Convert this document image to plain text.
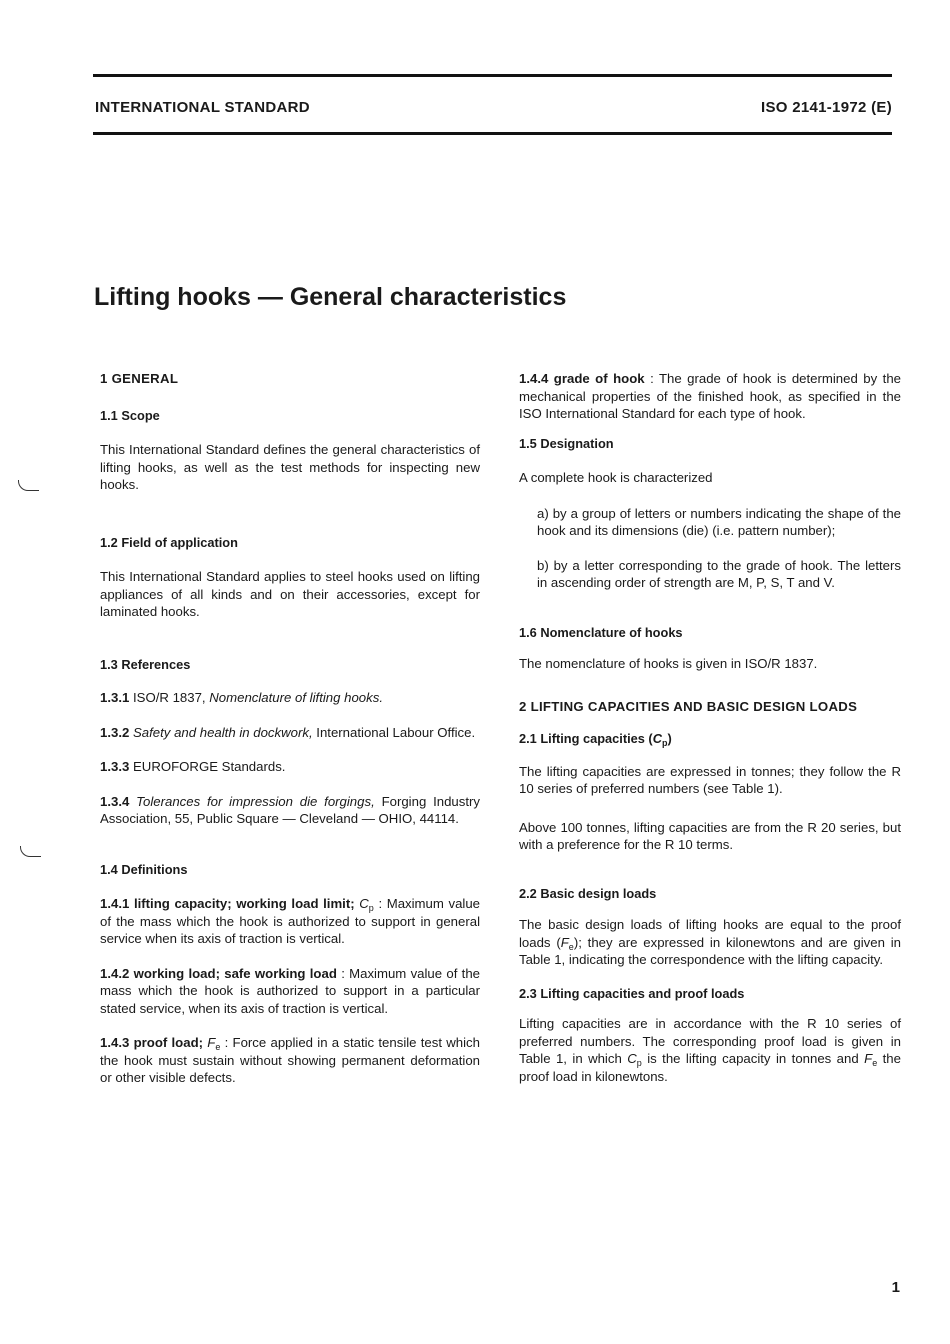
INTERNATIONAL STANDARD	ISO 2141-1972 (E)
Lifting hooks — General characteristics

1 GENERAL

1.1 Scope

This International Standard defines the general characteristics of lifting hooks, as well as the test methods for inspecting new hooks.

1.2 Field of application

This International Standard applies to steel hooks used on lifting appliances of all kinds and on their accessories, except for laminated hooks.

1.3 References

1.3.1 ISO/R 1837, Nomenclature of lifting hooks.

1.3.2 Safety and health in dockwork, International Labour Office.

1.3.3 EUROFORGE Standards.

1.3.4 Tolerances for impression die forgings, Forging Industry Association, 55, Public Square — Cleveland — OHIO, 44114.

1.4 Definitions

1.4.1 lifting capacity; working load limit; $C_p$ : Maximum value of the mass which the hook is authorized to support in general service when its axis of traction is vertical.

1.4.2 working load; safe working load : Maximum value of the mass which the hook is authorized to support in a particular stated service, when its axis of traction is vertical.

1.4.3 proof load; $F_e$ : Force applied in a static tensile test which the hook must sustain without showing permanent deformation or other visible defects.

1.4.4 grade of hook : The grade of hook is determined by the mechanical properties of the finished hook, as specified in the ISO International Standard for each type of hook.

1.5 Designation

A complete hook is characterized

a) by a group of letters or numbers indicating the shape of the hook and its dimensions (die) (i.e. pattern number);

b) by a letter corresponding to the grade of hook. The letters in ascending order of strength are M, P, S, T and V.

1.6 Nomenclature of hooks

The nomenclature of hooks is given in ISO/R 1837.

2 LIFTING CAPACITIES AND BASIC DESIGN LOADS

2.1 Lifting capacities $(C_p)$

The lifting capacities are expressed in tonnes; they follow the R 10 series of preferred numbers (see Table 1).

Above 100 tonnes, lifting capacities are from the R 20 series, but with a preference for the R 10 terms.

2.2 Basic design loads

The basic design loads of lifting hooks are equal to the proof loads $(F_e)$; they are expressed in kilonewtons and are given in Table 1, indicating the correspondence with the lifting capacity.

2.3 Lifting capacities and proof loads

Lifting capacities are in accordance with the R 10 series of preferred numbers. The corresponding proof load is given in Table 1, in which $C_p$ is the lifting capacity in tonnes and $F_e$ the proof load in kilonewtons.

1
